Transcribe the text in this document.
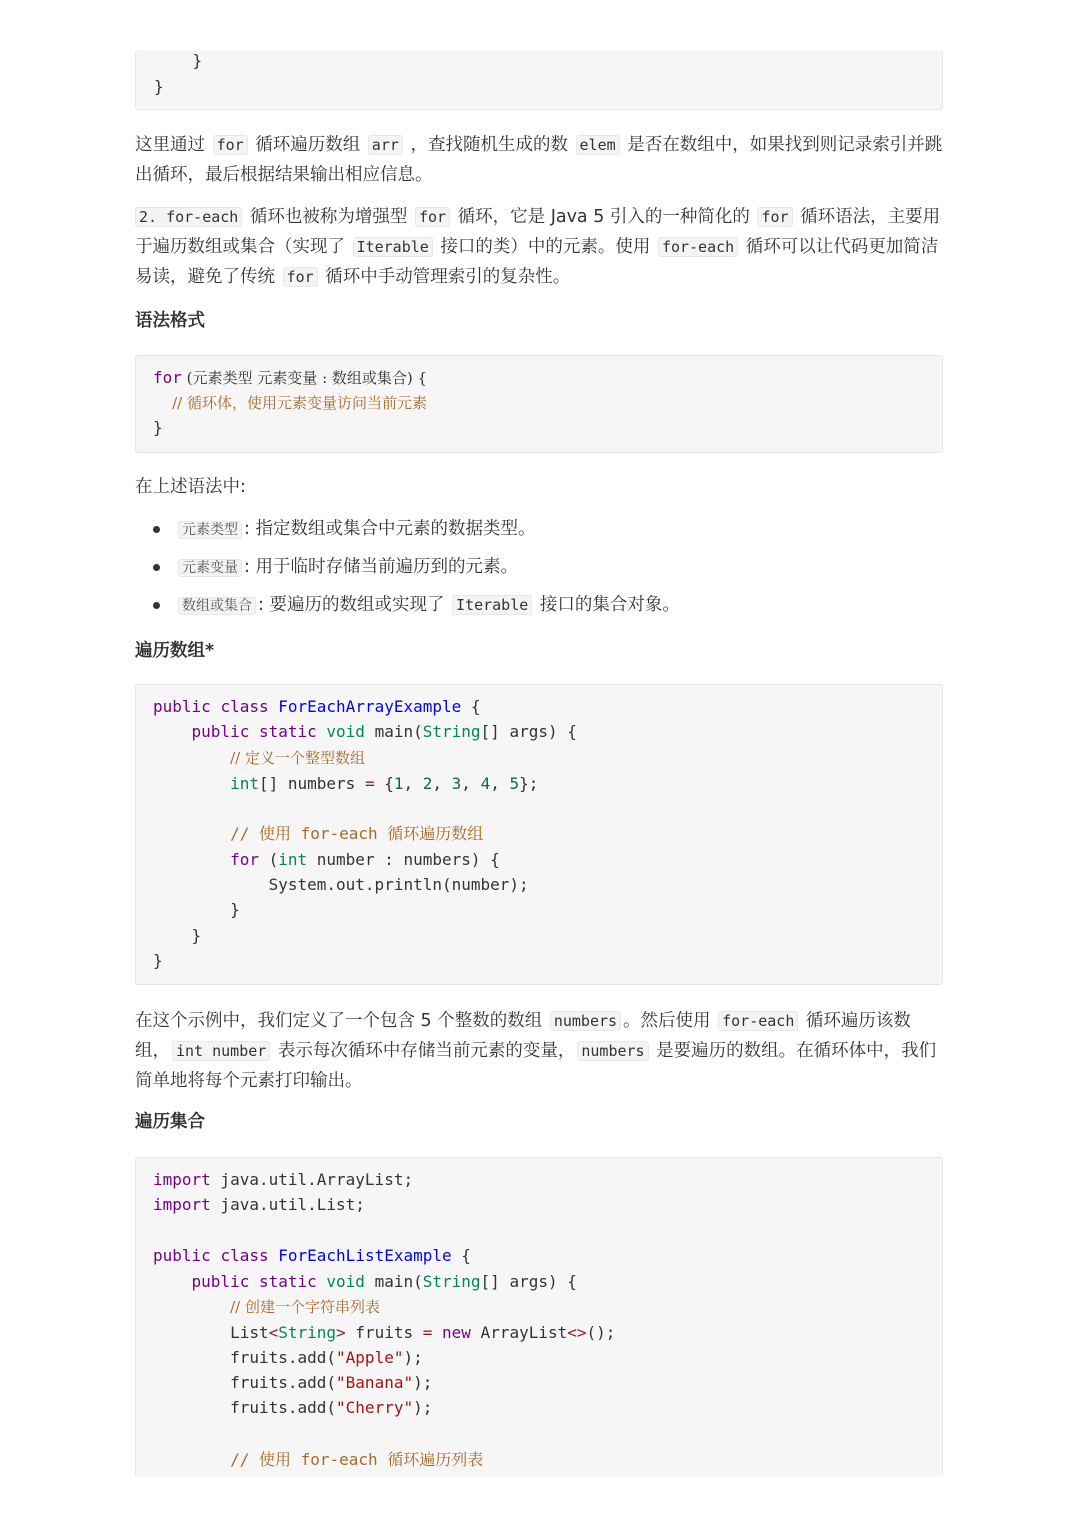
}
}

这里通过 for 循环遍历数组 arr ，查找随机生成的数 elem 是否在数组中，如果找到则记录索引并跳
出循环，最后根据结果输出相应信息。

2. for-each 循环也被称为增强型 for 循环，它是 Java 5 引入的一种简化的 for 循环语法，主要用
于遍历数组或集合（实现了 Iterable 接口的类）中的元素。使用 for-each 循环可以让代码更加简洁
易读，避免了传统 for 循环中手动管理索引的复杂性。

语法格式
for (元素类型 元素变量 : 数组或集合) {
// 循环体，使用元素变量访问当前元素
}

在上述语法中:

元素类型 : 指定数组或集合中元素的数据类型。
元素变量 : 用于临时存储当前遍历到的元素。
数组或集合 : 要遍历的数组或实现了 Iterable 接口的集合对象。
遍历数组*
public class ForEachArrayExample {
public static void main(String[] args) {
// 定义一个整型数组
int[] numbers = {1, 2, 3, 4, 5};
// 使用 for-each 循环遍历数组
for (int number : numbers) {
System.out.println(number);
}
}
}

在这个示例中，我们定义了一个包含 5 个整数的数组 numbers 。然后使用 for-each 循环遍历该数
组， int number 表示每次循环中存储当前元素的变量， numbers 是要遍历的数组。在循环体中，我们
简单地将每个元素打印输出。

遍历集合
import java.util.ArrayList;
import java.util.List;
public class ForEachListExample {
public static void main(String[] args) {
// 创建一个字符串列表
List<String> fruits = new ArrayList<>();
fruits.add("Apple");
fruits.add("Banana");
fruits.add("Cherry");
// 使用 for-each 循环遍历列表
